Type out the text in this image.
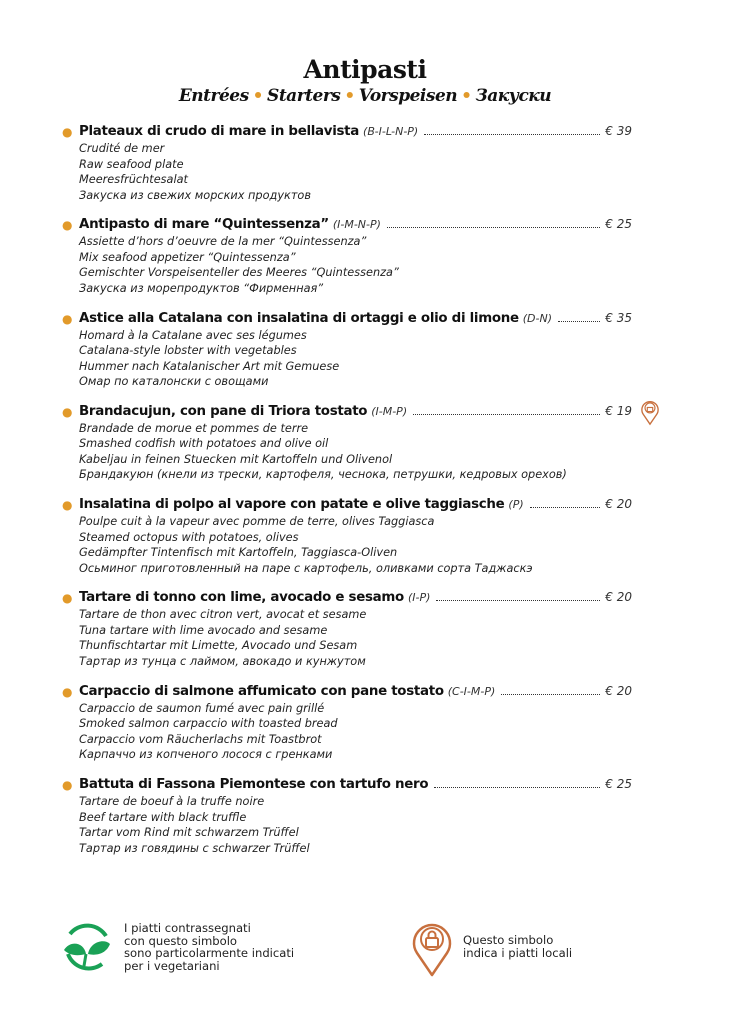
Antipasti
Entrées • Starters • Vorspeisen • Закуски
● Plateaux di crudo di mare in bellavista (B-I-L-N-P)	€ 39
Crudité de mer
Raw seafood plate
Meeresfrüchtesalat
Закуска из свежих морских продуктов
● Antipasto di mare “Quintessenza” (I-M-N-P)	€ 25
Assiette d’hors d’oeuvre de la mer “Quintessenza”
Mix seafood appetizer “Quintessenza”
Gemischter Vorspeisenteller des Meeres “Quintessenza”
Закуска из морепродуктов “Фирменная”
● Astice alla Catalana con insalatina di ortaggi e olio di limone (D-N)	€ 35
Homard à la Catalane avec ses légumes
Catalana-style lobster with vegetables
Hummer nach Katalanischer Art mit Gemuese
Омар по каталонски с овощами
● Brandacujun, con pane di Triora tostato (I-M-P)	€ 19
Brandade de morue et pommes de terre
Smashed codfish with potatoes and olive oil
Kabeljau in feinen Stuecken mit Kartoffeln und Olivenol
Брандакуюн (кнели из трески, картофеля, чеснока, петрушки, кедровых орехов)
● Insalatina di polpo al vapore con patate e olive taggiasche (P)	€ 20
Poulpe cuit à la vapeur avec pomme de terre, olives Taggiasca
Steamed octopus with potatoes, olives
Gedämpfter Tintenfisch mit Kartoffeln, Taggiasca-Oliven
Осьминог приготовленный на паре с картофель, оливками сорта Таджаскэ
● Tartare di tonno con lime, avocado e sesamo (I-P)	€ 20
Tartare de thon avec citron vert, avocat et sesame
Tuna tartare with lime avocado and sesame
Thunfischtartar mit Limette, Avocado und Sesam
Тартар из тунца с лаймом, авокадо и кунжутом
● Carpaccio di salmone affumicato con pane tostato (C-I-M-P)	€ 20
Carpaccio de saumon fumé avec pain grillé
Smoked salmon carpaccio with toasted bread
Carpaccio vom Räucherlachs mit Toastbrot
Карпаччо из копченого лосося с гренками
● Battuta di Fassona Piemontese con tartufo nero	€ 25
Tartare de boeuf à la truffe noire
Beef tartare with black truffle
Tartar vom Rind mit schwarzem Trüffel
Тартар из говядины с schwarzer Trüffel
I piatti contrassegnati
con questo simbolo
sono particolarmente indicati
per i vegetariani
Questo simbolo
indica i piatti locali
